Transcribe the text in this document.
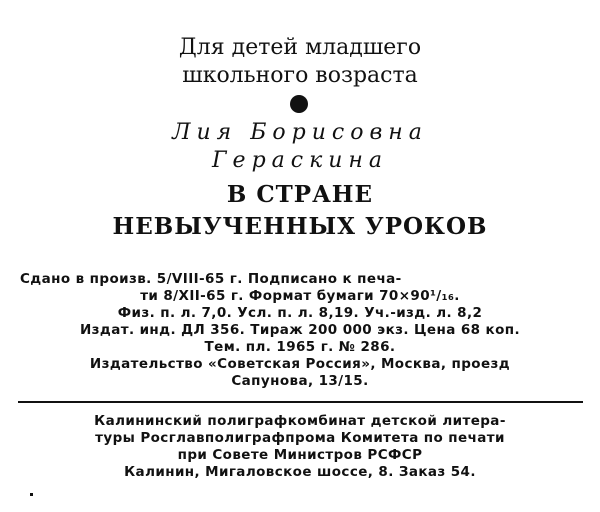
Для детей младшего
школьного возраста
Лия Борисовна
Гераскина
В СТРАНЕ
НЕВЫУЧЕННЫХ УРОКОВ
Сдано в произв. 5/VIII-65 г. Подписано к печа-
ти 8/XII-65 г. Формат бумаги 70×90¹/₁₆.
Физ. п. л. 7,0. Усл. п. л. 8,19. Уч.-изд. л. 8,2
Издат. инд. ДЛ 356. Тираж 200 000 экз. Цена 68 коп.
Тем. пл. 1965 г. № 286.
Издательство «Советская Россия», Москва, проезд
Сапунова, 13/15.
Калининский полиграфкомбинат детской литера-
туры Росглавполиграфпрома Комитета по печати
при Совете Министров РСФСР
Калинин, Мигаловское шоссе, 8. Заказ 54.
